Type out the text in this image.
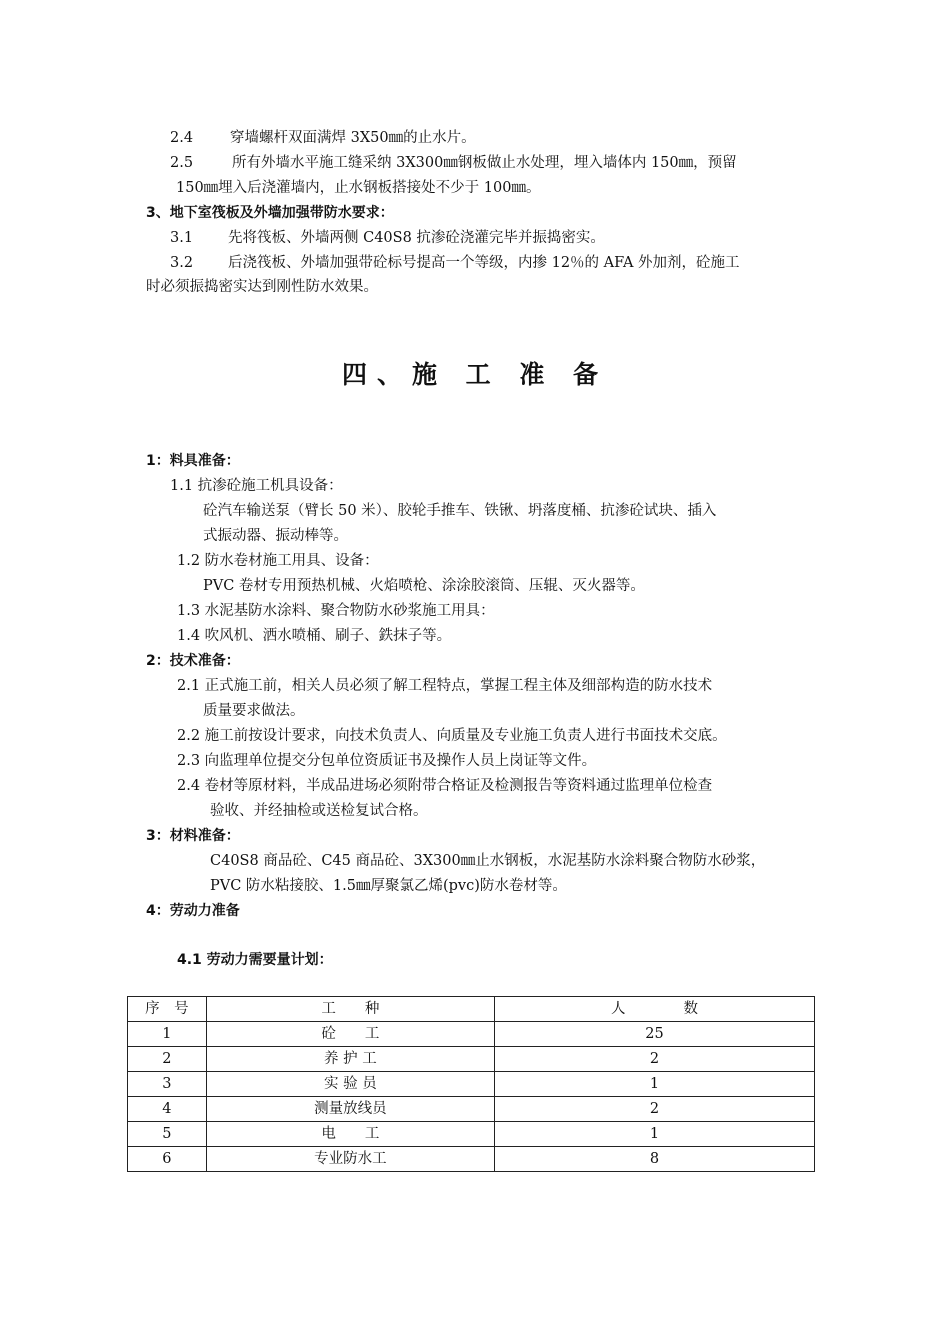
2.4	穿墙螺杆双面满焊 3X50㎜的止水片。
2.5	所有外墙水平施工缝采纳 3X300㎜钢板做止水处理，埋入墙体内 150㎜，预留
150㎜埋入后浇灌墙内，止水钢板搭接处不少于 100㎜。
3、地下室筏板及外墙加强带防水要求：
3.1 先将筏板、外墙两侧 C40S8 抗渗砼浇灌完毕并振捣密实。
3.2 后浇筏板、外墙加强带砼标号提高一个等级，内掺 12％的 AFA 外加剂，砼施工
时必须振捣密实达到刚性防水效果。
四、施 工 准 备
1：料具准备：
1.1 抗渗砼施工机具设备：
砼汽车输送泵（臂长 50 米）、胶轮手推车、铁锹、坍落度桶、抗渗砼试块、插入
式振动器、振动棒等。
1.2 防水卷材施工用具、设备：
PVC 卷材专用预热机械、火焰喷枪、涂涂胶滚筒、压辊、灭火器等。
1.3 水泥基防水涂料、聚合物防水砂浆施工用具：
1.4 吹风机、洒水喷桶、刷子、鉄抹子等。
2：技术准备：
2.1 正式施工前，相关人员必须了解工程特点，掌握工程主体及细部构造的防水技术
质量要求做法。
2.2 施工前按设计要求，向技术负责人、向质量及专业施工负责人进行书面技术交底。
2.3 向监理单位提交分包单位资质证书及操作人员上岗证等文件。
2.4 卷材等原材料，半成品进场必须附带合格证及检测报告等资料通过监理单位检查
验收、并经抽检或送检复试合格。
3：材料准备：
C40S8 商品砼、C45 商品砼、3X300㎜止水钢板，水泥基防水涂料聚合物防水砂浆，
PVC 防水粘接胶、1.5㎜厚聚氯乙烯(pvc)防水卷材等。
4：劳动力准备
4.1 劳动力需要量计划：
序　号	工　　种	人　　　　数
1	砼　　工	25
2	养 护 工	2
3	实 验 员	1
4	测量放线员	2
5	电　　工	1
6	专业防水工	8
